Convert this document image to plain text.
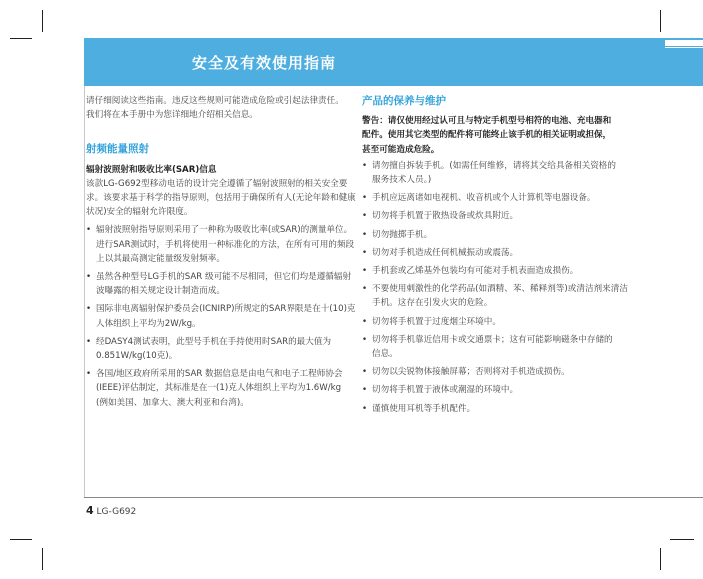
安全及有效使用指南

请仔细阅读这些指南。违反这些规则可能造成危险或引起法律责任。

我们将在本手册中为您详细地介绍相关信息。

射频能量照射

辐射波照射和吸收比率(SAR)信息

该款LG-G692型移动电话的设计完全遵循了辐射波照射的相关安全要

求。该要求基于科学的指导原则，包括用于确保所有人(无论年龄和健康

状况)安全的辐射允许限度。

• 辐射波照射指导原则采用了一种称为吸收比率(或SAR)的测量单位。
进行SAR测试时，手机将使用一种标准化的方法，在所有可用的频段
上以其最高测定能量级发射频率。
• 虽然各种型号LG手机的SAR 级可能不尽相同，但它们均是遵循辐射
波曝露的相关规定设计制造而成。
• 国际非电离辐射保护委员会(ICNIRP)所规定的SAR界限是在十(10)克
人体组织上平均为2W/kg。
• 经DASY4测试表明，此型号手机在手持使用时SAR的最大值为
0.851W/kg(10克)。
• 各国/地区政府所采用的SAR 数据信息是由电气和电子工程师协会
(IEEE)评估制定，其标准是在一(1)克人体组织上平均为1.6W/kg
(例如美国、加拿大、澳大利亚和台湾)。

产品的保养与维护

警告：请仅使用经过认可且与特定手机型号相符的电池、充电器和

配件。使用其它类型的配件将可能终止该手机的相关证明或担保，

甚至可能造成危险。

• 请勿擅自拆装手机。(如需任何维修，请将其交给具备相关资格的
服务技术人员。)
• 手机应远离诸如电视机、收音机或个人计算机等电器设备。
• 切勿将手机置于散热设备或炊具附近。
• 切勿抛掷手机。
• 切勿对手机造成任何机械振动或震荡。
• 手机套或乙烯基外包装均有可能对手机表面造成损伤。
• 不要使用刺激性的化学药品(如酒精、苯、稀释剂等)或清洁剂来清洁
手机。这存在引发火灾的危险。
• 切勿将手机置于过度烟尘环境中。
• 切勿将手机靠近信用卡或交通票卡；这有可能影响磁条中存储的
信息。
• 切勿以尖锐物体接触屏幕；否则将对手机造成损伤。
• 切勿将手机置于液体或潮湿的环境中。
• 谨慎使用耳机等手机配件。
4 LG-G692
